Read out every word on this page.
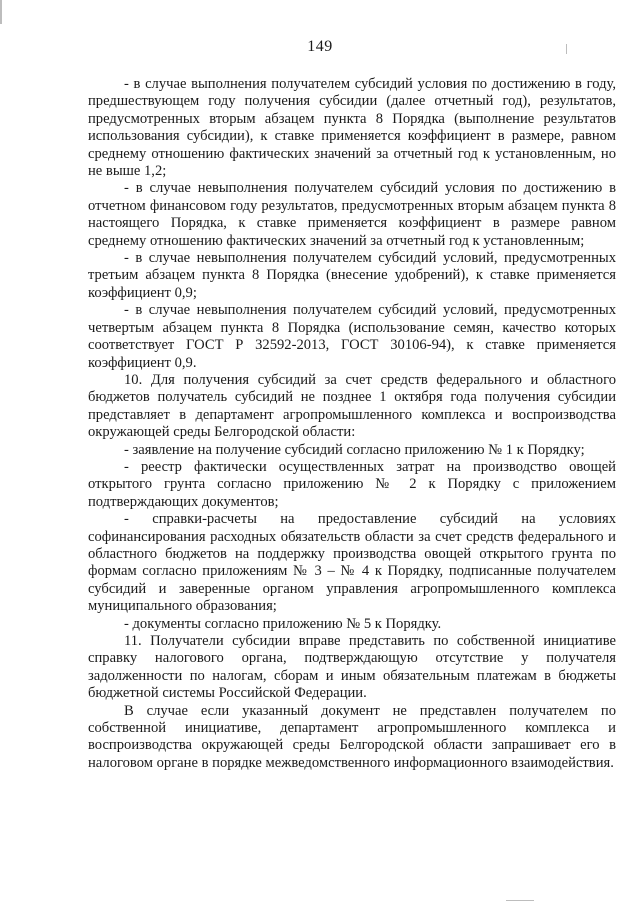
149

- в случае выполнения получателем субсидий условия по достижению в году, предшествующем году получения субсидии (далее отчетный год), результатов, предусмотренных вторым абзацем пункта 8 Порядка (выполнение результатов использования субсидии), к ставке применяется коэффициент в размере, равном среднему отношению фактических значений за отчетный год к установленным, но не выше 1,2;

- в случае невыполнения получателем субсидий условия по достижению в отчетном финансовом году результатов, предусмотренных вторым абзацем пункта 8 настоящего Порядка, к ставке применяется коэффициент в размере равном среднему отношению фактических значений за отчетный год к установленным;

- в случае невыполнения получателем субсидий условий, предусмотренных третьим абзацем пункта 8 Порядка (внесение удобрений), к ставке применяется коэффициент 0,9;

- в случае невыполнения получателем субсидий условий, предусмотренных четвертым абзацем пункта 8 Порядка (использование семян, качество которых соответствует ГОСТ Р 32592-2013, ГОСТ 30106-94), к ставке применяется коэффициент 0,9.

10. Для получения субсидий за счет средств федерального и областного бюджетов получатель субсидий не позднее 1 октября года получения субсидии представляет в департамент агропромышленного комплекса и воспроизводства окружающей среды Белгородской области:

- заявление на получение субсидий согласно приложению № 1 к Порядку;

- реестр фактически осуществленных затрат на производство овощей открытого грунта согласно приложению № 2 к Порядку с приложением подтверждающих документов;

- справки-расчеты на предоставление субсидий на условиях софинансирования расходных обязательств области за счет средств федерального и областного бюджетов на поддержку производства овощей открытого грунта по формам согласно приложениям № 3 – № 4 к Порядку, подписанные получателем субсидий и заверенные органом управления агропромышленного комплекса муниципального образования;

- документы согласно приложению № 5 к Порядку.

11. Получатели субсидии вправе представить по собственной инициативе справку налогового органа, подтверждающую отсутствие у получателя задолженности по налогам, сборам и иным обязательным платежам в бюджеты бюджетной системы Российской Федерации.

В случае если указанный документ не представлен получателем по собственной инициативе, департамент агропромышленного комплекса и воспроизводства окружающей среды Белгородской области запрашивает его в налоговом органе в порядке межведомственного информационного взаимодействия.
